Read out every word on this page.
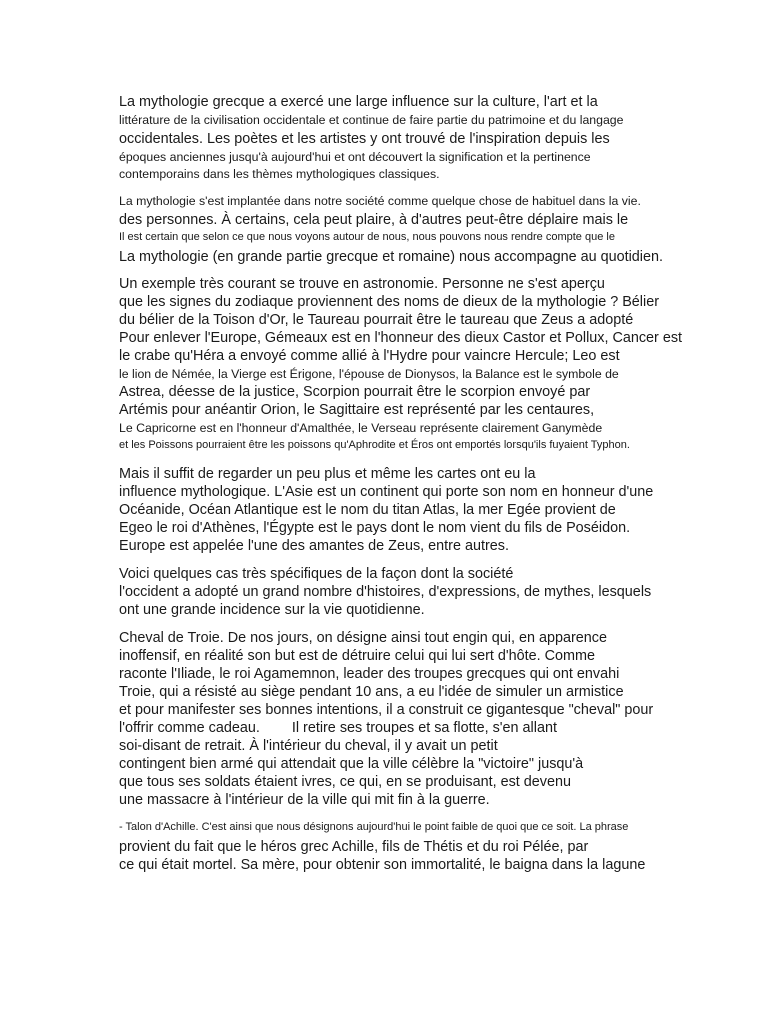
La mythologie grecque a exercé une large influence sur la culture, l'art et la
littérature de la civilisation occidentale et continue de faire partie du patrimoine et du langage
occidentales. Les poètes et les artistes y ont trouvé de l'inspiration depuis les
époques anciennes jusqu'à aujourd'hui et ont découvert la signification et la pertinence
contemporains dans les thèmes mythologiques classiques.
La mythologie s'est implantée dans notre société comme quelque chose de habituel dans la vie.
des personnes. À certains, cela peut plaire, à d'autres peut-être déplaire mais le
Il est certain que selon ce que nous voyons autour de nous, nous pouvons nous rendre compte que le
La mythologie (en grande partie grecque et romaine) nous accompagne au quotidien.
Un exemple très courant se trouve en astronomie. Personne ne s'est aperçu
que les signes du zodiaque proviennent des noms de dieux de la mythologie ? Bélier
du bélier de la Toison d'Or, le Taureau pourrait être le taureau que Zeus a adopté
Pour enlever l'Europe, Gémeaux est en l'honneur des dieux Castor et Pollux, Cancer est
le crabe qu'Héra a envoyé comme allié à l'Hydre pour vaincre Hercule; Leo est
le lion de Némée, la Vierge est Érigone, l'épouse de Dionysos, la Balance est le symbole de
Astrea, déesse de la justice, Scorpion pourrait être le scorpion envoyé par
Artémis pour anéantir Orion, le Sagittaire est représenté par les centaures,
Le Capricorne est en l'honneur d'Amalthée, le Verseau représente clairement Ganymède
et les Poissons pourraient être les poissons qu'Aphrodite et Éros ont emportés lorsqu'ils fuyaient Typhon.
Mais il suffit de regarder un peu plus et même les cartes ont eu la
influence mythologique. L'Asie est un continent qui porte son nom en honneur d'une
Océanide, Océan Atlantique est le nom du titan Atlas, la mer Egée provient de
Egeo le roi d'Athènes, l'Égypte est le pays dont le nom vient du fils de Poséidon.
Europe est appelée l'une des amantes de Zeus, entre autres.
Voici quelques cas très spécifiques de la façon dont la société
l'occident a adopté un grand nombre d'histoires, d'expressions, de mythes, lesquels
ont une grande incidence sur la vie quotidienne.
Cheval de Troie. De nos jours, on désigne ainsi tout engin qui, en apparence
inoffensif, en réalité son but est de détruire celui qui lui sert d'hôte. Comme
raconte l'Iliade, le roi Agamemnon, leader des troupes grecques qui ont envahi
Troie, qui a résisté au siège pendant 10 ans, a eu l'idée de simuler un armistice
et pour manifester ses bonnes intentions, il a construit ce gigantesque "cheval" pour
l'offrir comme cadeau.        Il retire ses troupes et sa flotte, s'en allant
soi-disant de retrait. À l'intérieur du cheval, il y avait un petit
contingent bien armé qui attendait que la ville célèbre la "victoire" jusqu'à
que tous ses soldats étaient ivres, ce qui, en se produisant, est devenu
une massacre à l'intérieur de la ville qui mit fin à la guerre.
- Talon d'Achille. C'est ainsi que nous désignons aujourd'hui le point faible de quoi que ce soit. La phrase
provient du fait que le héros grec Achille, fils de Thétis et du roi Pélée, par
ce qui était mortel. Sa mère, pour obtenir son immortalité, le baigna dans la lagune
